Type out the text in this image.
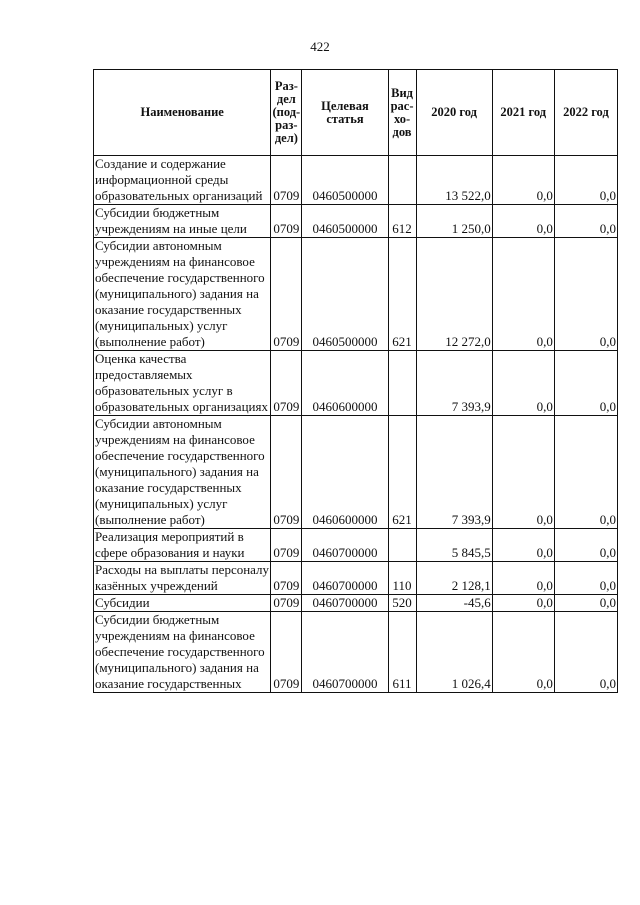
422
Наименование	Раз-дел (под-раз-дел)	Целевая статья	Вид рас-хо-дов	2020 год	2021 год	2022 год
Создание и содержание информационной среды образовательных организаций	0709	0460500000		13 522,0	0,0	0,0
Субсидии бюджетным учреждениям на иные цели	0709	0460500000	612	1 250,0	0,0	0,0
Субсидии автономным учреждениям на финансовое обеспечение государственного (муниципального) задания на оказание государственных (муниципальных) услуг (выполнение работ)	0709	0460500000	621	12 272,0	0,0	0,0
Оценка качества предоставляемых образовательных услуг в образовательных организациях	0709	0460600000		7 393,9	0,0	0,0
Субсидии автономным учреждениям на финансовое обеспечение государственного (муниципального) задания на оказание государственных (муниципальных) услуг (выполнение работ)	0709	0460600000	621	7 393,9	0,0	0,0
Реализация мероприятий в сфере образования и науки	0709	0460700000		5 845,5	0,0	0,0
Расходы на выплаты персоналу казённых учреждений	0709	0460700000	110	2 128,1	0,0	0,0
Субсидии	0709	0460700000	520	-45,6	0,0	0,0
Субсидии бюджетным учреждениям на финансовое обеспечение государственного (муниципального) задания на оказание государственных	0709	0460700000	611	1 026,4	0,0	0,0
